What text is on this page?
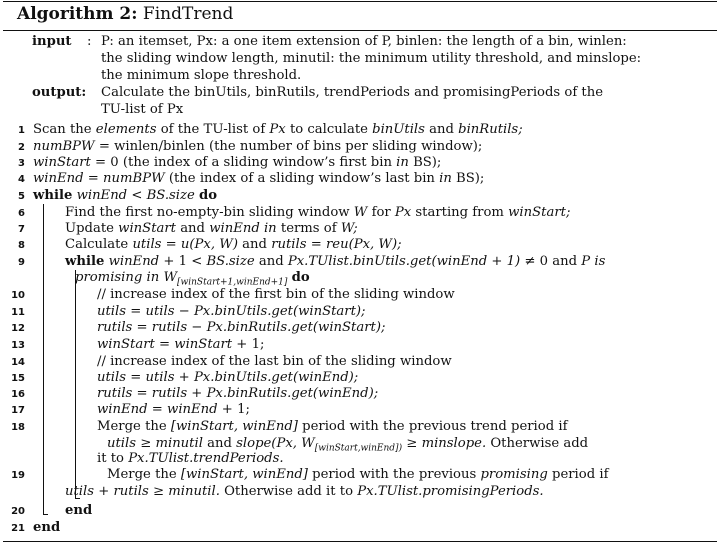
Algorithm 2: FindTrend
input : P: an itemset, Px: a one item extension of P, binlen: the length of a bin, winlen:
the sliding window length, minutil: the minimum utility threshold, and minslope:
the minimum slope threshold.
output: Calculate the binUtils, binRutils, trendPeriods and promisingPeriods of the
TU-list of Px
1 Scan the elements of the TU-list of Px to calculate binUtils and binRutils;
2 numBPW = winlen/binlen (the number of bins per sliding window);
3 winStart = 0 (the index of a sliding window’s first bin in BS);
4 winEnd = numBPW (the index of a sliding window’s last bin in BS);
5 while winEnd < BS.size do
6	Find the first no-empty-bin sliding window W for Px starting from winStart;
7	Update winStart and winEnd in terms of W;
8	Calculate utils = u(Px, W) and rutils = reu(Px, W);
9	while winEnd + 1 < BS.size and Px.TUlist.binUtils.get(winEnd + 1) ≠ 0 and P is
promising in $W_{[winStart+1,winEnd+1]}$ do
10	// increase index of the first bin of the sliding window
11	utils = utils − Px.binUtils.get(winStart);
12	rutils = rutils − Px.binRutils.get(winStart);
13	winStart = winStart + 1;
14	// increase index of the last bin of the sliding window
15	utils = utils + Px.binUtils.get(winEnd);
16	rutils = rutils + Px.binRutils.get(winEnd);
17	winEnd = winEnd + 1;
18	Merge the [winStart, winEnd] period with the previous trend period if
utils ≥ minutil and slope(Px, $W_{[winStart,winEnd])}$ ≥ minslope. Otherwise add
it to Px.TUlist.trendPeriods.
19	Merge the [winStart, winEnd] period with the previous promising period if
utils + rutils ≥ minutil. Otherwise add it to Px.TUlist.promisingPeriods.
20	end
21 end
